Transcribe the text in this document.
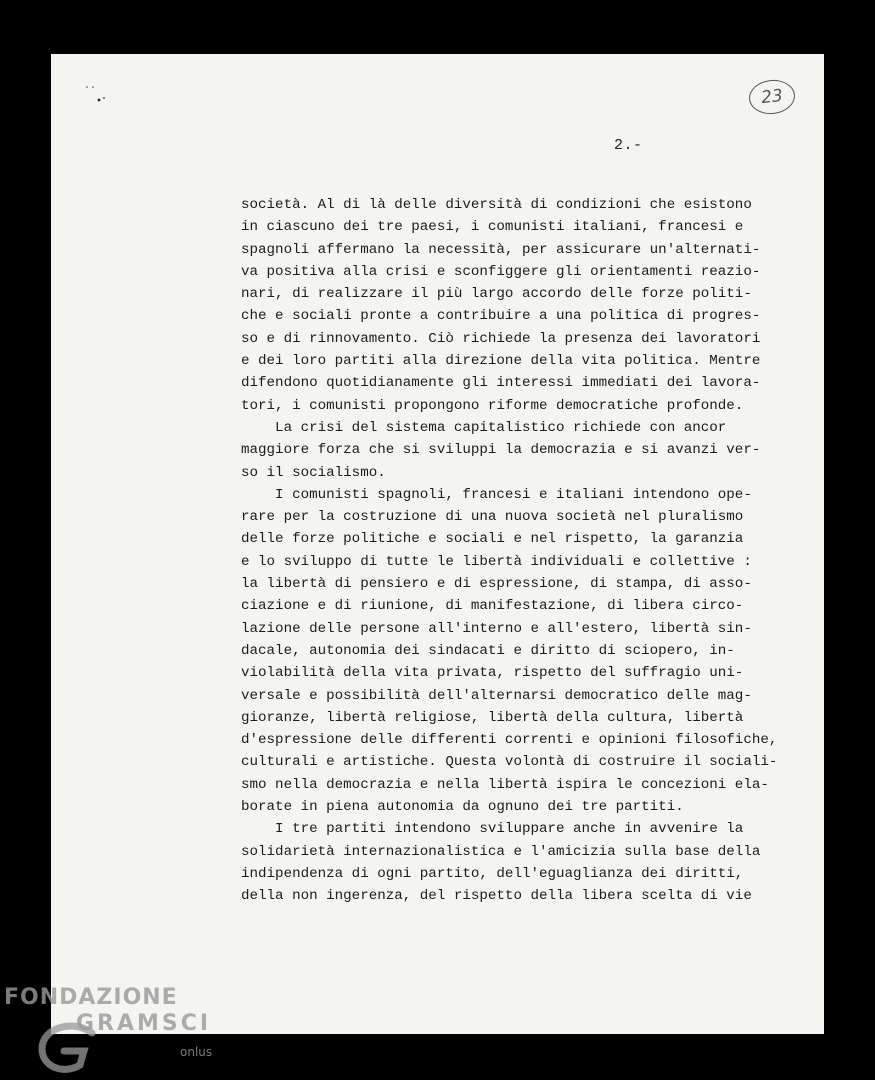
23
2.-
società. Al di là delle diversità di condizioni che esistono
in ciascuno dei tre paesi, i comunisti italiani, francesi e
spagnoli affermano la necessità, per assicurare un'alternati-
va positiva alla crisi e sconfiggere gli orientamenti reazio-
nari, di realizzare il più largo accordo delle forze politi-
che e sociali pronte a contribuire a una politica di progres-
so e di rinnovamento. Ciò richiede la presenza dei lavoratori
e dei loro partiti alla direzione della vita politica. Mentre
difendono quotidianamente gli interessi immediati dei lavora-
tori, i comunisti propongono riforme democratiche profonde.
La crisi del sistema capitalistico richiede con ancor
maggiore forza che si sviluppi la democrazia e si avanzi ver-
so il socialismo.
I comunisti spagnoli, francesi e italiani intendono ope-
rare per la costruzione di una nuova società nel pluralismo
delle forze politiche e sociali e nel rispetto, la garanzia
e lo sviluppo di tutte le libertà individuali e collettive :
la libertà di pensiero e di espressione, di stampa, di asso-
ciazione e di riunione, di manifestazione, di libera circo-
lazione delle persone all'interno e all'estero, libertà sin-
dacale, autonomia dei sindacati e diritto di sciopero, in-
violabilità della vita privata, rispetto del suffragio uni-
versale e possibilità dell'alternarsi democratico delle mag-
gioranze, libertà religiose, libertà della cultura, libertà
d'espressione delle differenti correnti e opinioni filosofiche,
culturali e artistiche. Questa volontà di costruire il sociali-
smo nella democrazia e nella libertà ispira le concezioni ela-
borate in piena autonomia da ognuno dei tre partiti.
I tre partiti intendono sviluppare anche in avvenire la
solidarietà internazionalistica e l'amicizia sulla base della
indipendenza di ogni partito, dell'eguaglianza dei diritti,
della non ingerenza, del rispetto della libera scelta di vie
FONDAZIONE
GRAMSCI
onlus
